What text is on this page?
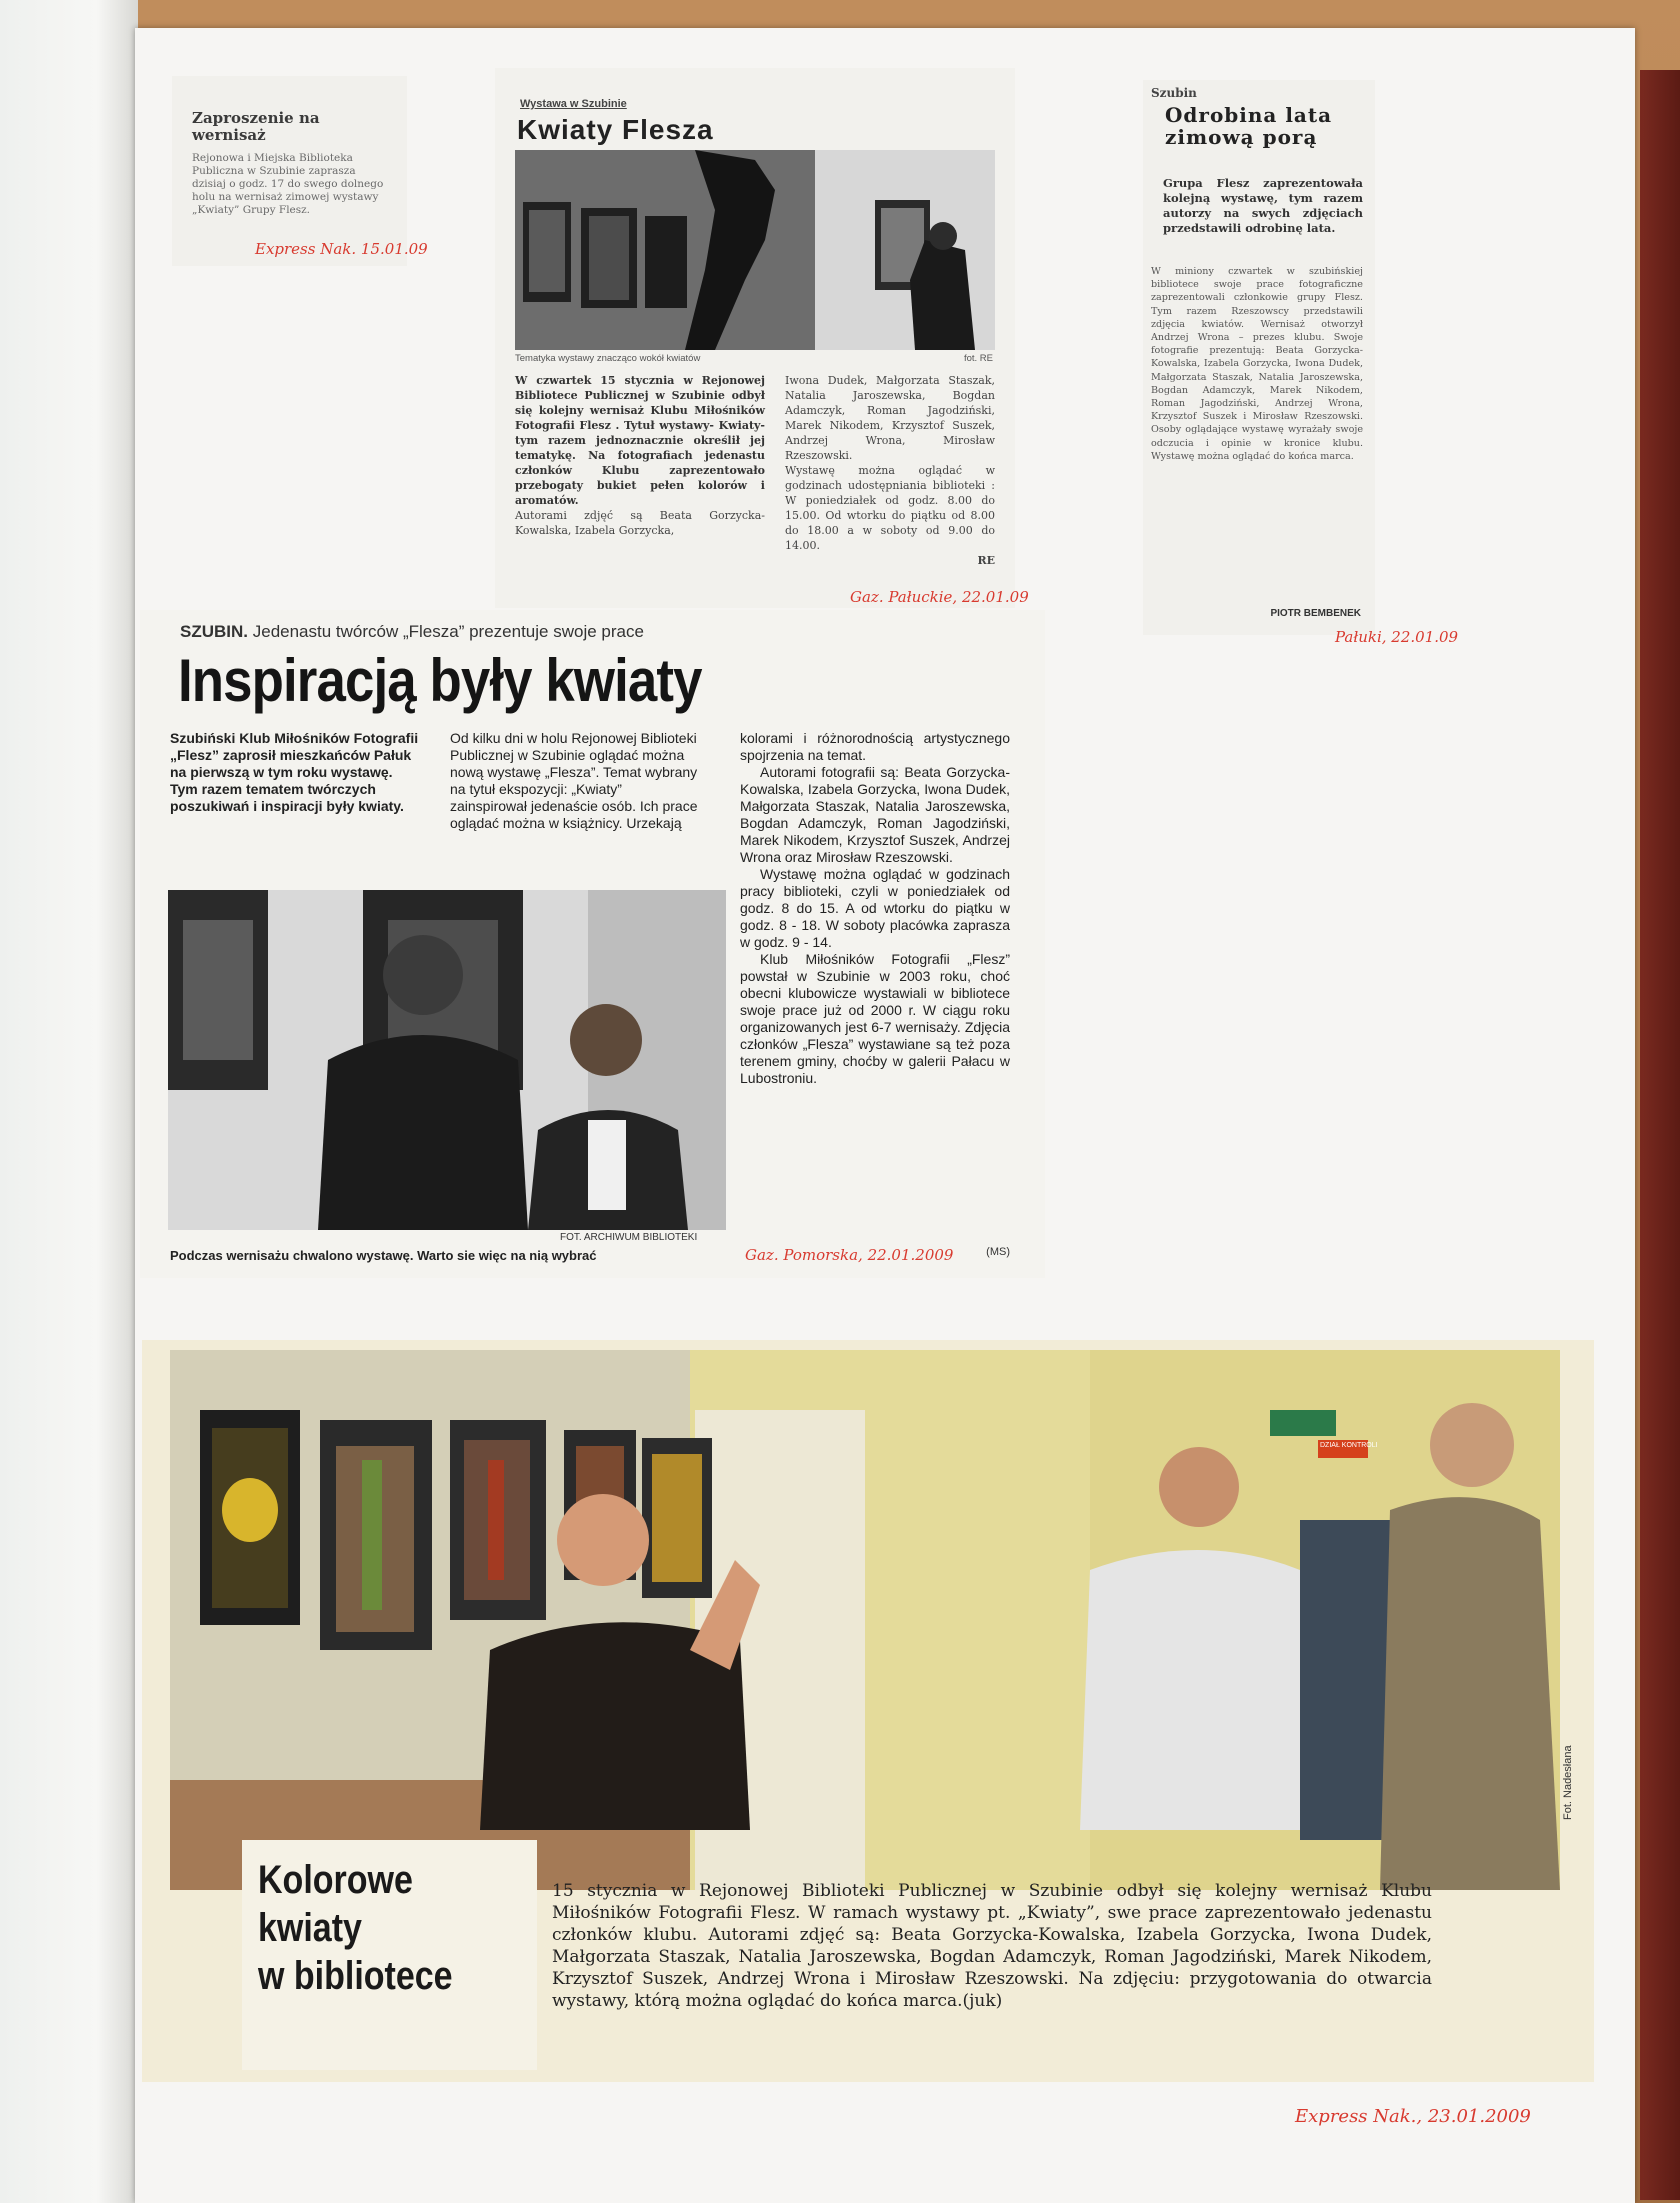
Zaproszenie na wernisaż
Rejonowa i Miejska Biblioteka Publiczna w Szubinie zaprasza dzisiaj o godz. 17 do swego dolnego holu na wernisaż zimowej wystawy „Kwiaty” Grupy Flesz.
Express Nak. 15.01.09
Wystawa w Szubinie
Kwiaty Flesza
Tematyka wystawy znacząco wokół kwiatów	fot. RE

W czwartek 15 stycznia w Rejonowej Bibliotece Publicznej w Szubinie odbył się kolejny wernisaż Klubu Miłośników Fotografii Flesz . Tytuł wystawy- Kwiaty- tym razem jednoznacznie określił jej tematykę. Na fotografiach jedenastu członków Klubu zaprezentowało przebogaty bukiet pełen kolorów i aromatów.

Autorami zdjęć są Beata Gorzycka-Kowalska, Izabela Gorzycka,

Iwona Dudek, Małgorzata Staszak, Natalia Jaroszewska, Bogdan Adamczyk, Roman Jagodziński, Marek Nikodem, Krzysztof Suszek, Andrzej Wrona, Mirosław Rzeszowski.

Wystawę można oglądać w godzinach udostępniania biblioteki : W poniedziałek od godz. 8.00 do 15.00. Od wtorku do piątku od 8.00 do 18.00 a w soboty od 9.00 do 14.00.

RE

Gaz. Pałuckie, 22.01.09
Szubin
Odrobina lata zimową porą
Grupa Flesz zaprezentowała kolejną wystawę, tym razem autorzy na swych zdjęciach przedstawili odrobinę lata.
W miniony czwartek w szubińskiej bibliotece swoje prace fotograficzne zaprezentowali członkowie grupy Flesz. Tym razem Rzeszowscy przedstawili zdjęcia kwiatów. Wernisaż otworzył Andrzej Wrona – prezes klubu. Swoje fotografie prezentują: Beata Gorzycka-Kowalska, Izabela Gorzycka, Iwona Dudek, Małgorzata Staszak, Natalia Jaroszewska, Bogdan Adamczyk, Marek Nikodem, Roman Jagodziński, Andrzej Wrona, Krzysztof Suszek i Mirosław Rzeszowski. Osoby oglądające wystawę wyrażały swoje odczucia i opinie w kronice klubu. Wystawę można oglądać do końca marca.
PIOTR BEMBENEK
Pałuki, 22.01.09
SZUBIN. Jedenastu twórców „Flesza” prezentuje swoje prace
Inspiracją były kwiaty
Szubiński Klub Miłośników Fotografii „Flesz” zaprosił mieszkańców Pałuk na pierwszą w tym roku wystawę. Tym razem tematem twórczych poszukiwań i inspiracji były kwiaty.
Od kilku dni w holu Rejonowej Biblioteki Publicznej w Szubinie oglądać można nową wystawę „Flesza”. Temat wybrany na tytuł ekspozycji: „Kwiaty” zainspirował jedenaście osób. Ich prace oglądać można w książnicy. Urzekają

kolorami i różnorodnością artystycznego spojrzenia na temat.

Autorami fotografii są: Beata Gorzycka-Kowalska, Izabela Gorzycka, Iwona Dudek, Małgorzata Staszak, Natalia Jaroszewska, Bogdan Adamczyk, Roman Jagodziński, Marek Nikodem, Krzysztof Suszek, Andrzej Wrona oraz Mirosław Rzeszowski.

Wystawę można oglądać w godzinach pracy biblioteki, czyli w poniedziałek od godz. 8 do 15. A od wtorku do piątku w godz. 8 - 18. W soboty placówka zaprasza w godz. 9 - 14.

Klub Miłośników Fotografii „Flesz” powstał w Szubinie w 2003 roku, choć obecni klubowicze wystawiali w bibliotece swoje prace już od 2000 r. W ciągu roku organizowanych jest 6-7 wernisaży. Zdjęcia członków „Flesza” wystawiane są też poza terenem gminy, choćby w galerii Pałacu w Lubostroniu.

FOT. ARCHIWUM BIBLIOTEKI
Podczas wernisażu chwalono wystawę. Warto sie więc na nią wybrać	(MS)
Gaz. Pomorska, 22.01.2009
Fot. Nadesłana
DZIAŁ KONTROLI
Kolorowe
kwiaty
w bibliotece
15 stycznia w Rejonowej Biblioteki Publicznej w Szubinie odbył się kolejny wernisaż Klubu Miłośników Fotografii Flesz. W ramach wystawy pt. „Kwiaty”, swe prace zaprezentowało jedenastu członków klubu. Autorami zdjęć są: Beata Gorzycka-Kowalska, Izabela Gorzycka, Iwona Dudek, Małgorzata Staszak, Natalia Jaroszewska, Bogdan Adamczyk, Roman Jagodziński, Marek Nikodem, Krzysztof Suszek, Andrzej Wrona i Mirosław Rzeszowski. Na zdjęciu: przygotowania do otwarcia wystawy, którą można oglądać do końca marca.(juk)
Express Nak., 23.01.2009
